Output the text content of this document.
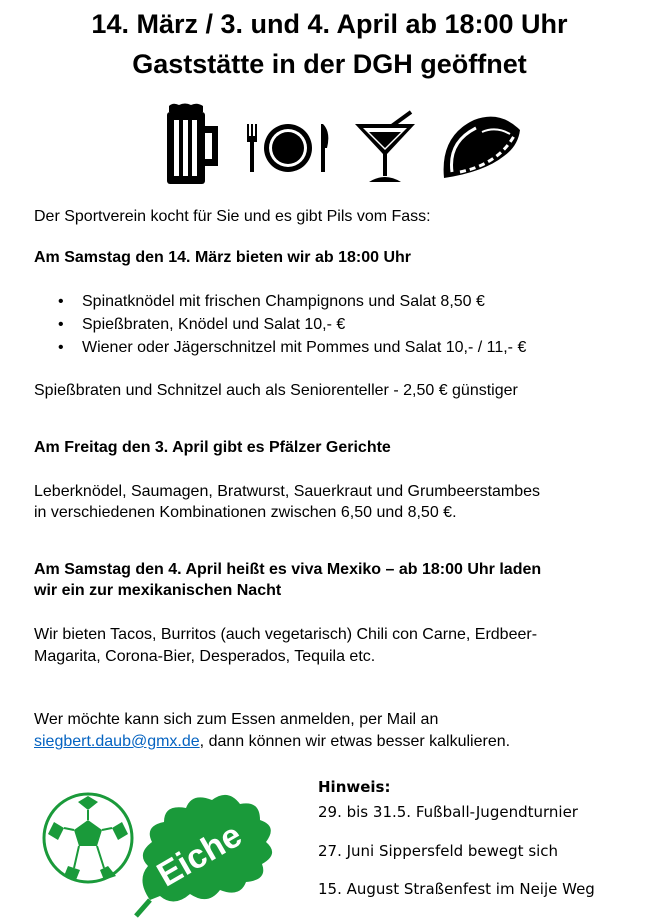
14. März / 3. und 4. April ab 18:00 Uhr
Gaststätte in der DGH geöffnet
Der Sportverein kocht für Sie und es gibt Pils vom Fass:
Am Samstag den 14. März bieten wir ab 18:00 Uhr
• Spinatknödel mit frischen Champignons und Salat 8,50 €
• Spießbraten, Knödel und Salat 10,- €
• Wiener oder Jägerschnitzel mit Pommes und Salat 10,- / 11,- €
Spießbraten und Schnitzel auch als Seniorenteller - 2,50 € günstiger
Am Freitag den 3. April gibt es Pfälzer Gerichte
Leberknödel, Saumagen, Bratwurst, Sauerkraut und Grumbeerstambes
in verschiedenen Kombinationen zwischen 6,50 und 8,50 €.
Am Samstag den 4. April heißt es viva Mexiko – ab 18:00 Uhr laden
wir ein zur mexikanischen Nacht
Wir bieten Tacos, Burritos (auch vegetarisch) Chili con Carne, Erdbeer-
Magarita, Corona-Bier, Desperados, Tequila etc.
Wer möchte kann sich zum Essen anmelden, per Mail an
siegbert.daub@gmx.de, dann können wir etwas besser kalkulieren.
Eiche
Hinweis:
29. bis 31.5. Fußball-Jugendturnier
27. Juni Sippersfeld bewegt sich
15. August Straßenfest im Neije Weg
